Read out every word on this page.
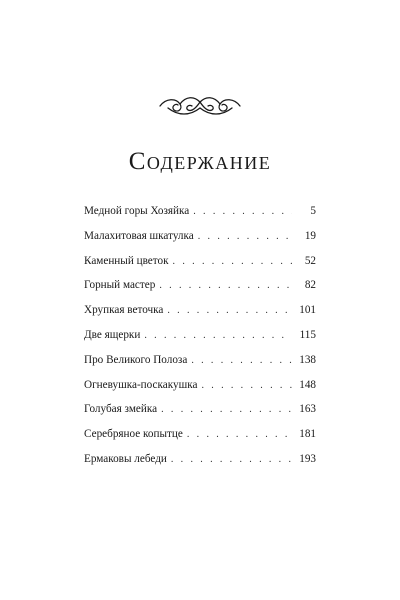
Содержание
Медной горы Хозяйка . . .	5
Малахитовая шкатулка . . .	19
Каменный цветок . . .	52
Горный мастер . . .	82
Хрупкая веточка . . .	101
Две ящерки . . .	115
Про Великого Полоза . . .	138
Огневушка-поскакушка . . .	148
Голубая змейка . . .	163
Серебряное копытце . . .	181
Ермаковы лебеди . . .	193
